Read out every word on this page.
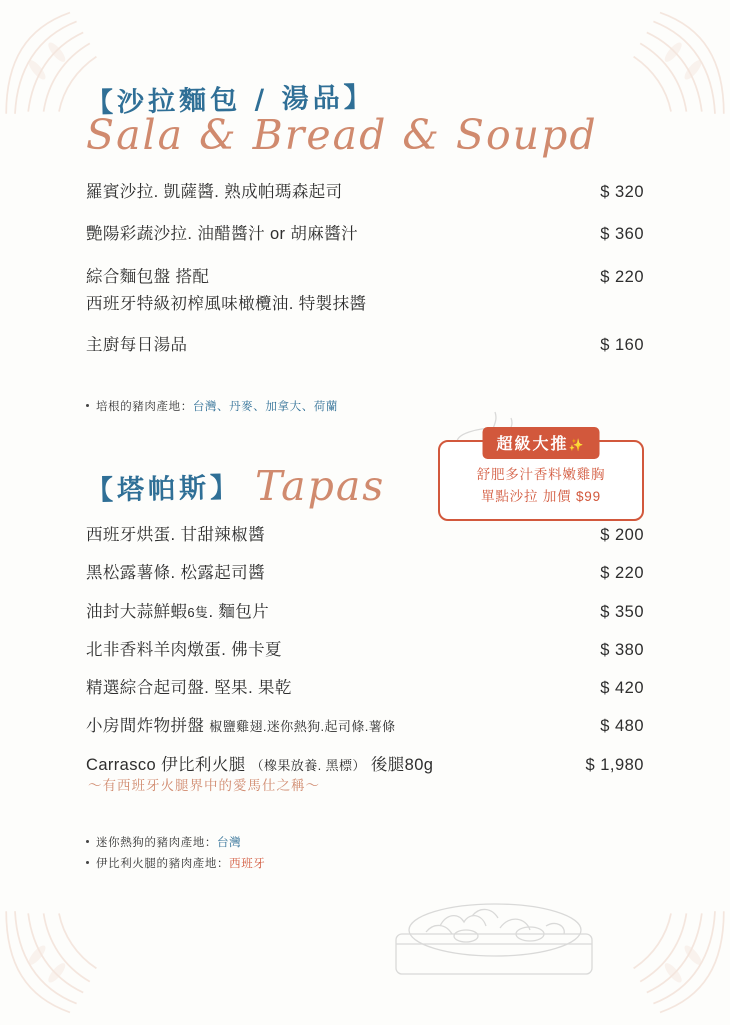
【沙拉麵包 / 湯品】
Sala & Bread & Soupd
羅賓沙拉. 凱薩醬. 熟成帕瑪森起司	$ 320
艷陽彩蔬沙拉. 油醋醬汁 or 胡麻醬汁	$ 360
綜合麵包盤 搭配	$ 220
西班牙特級初榨風味橄欖油. 特製抹醬
主廚每日湯品	$ 160
培根的豬肉產地： 台灣、丹麥、加拿大、荷蘭
【塔帕斯】 Tapas
西班牙烘蛋. 甘甜辣椒醬	$ 200
黑松露薯條. 松露起司醬	$ 220
油封大蒜鮮蝦6隻. 麵包片	$ 350
北非香料羊肉燉蛋. 佛卡夏	$ 380
精選綜合起司盤. 堅果. 果乾	$ 420
小房間炸物拼盤 椒鹽雞翅.迷你熱狗.起司條.薯條	$ 480
Carrasco 伊比利火腿 （橡果放養. 黑標） 後腿80g	$ 1,980
～有西班牙火腿界中的愛馬仕之稱～
迷你熱狗的豬肉產地： 台灣
伊比利火腿的豬肉產地： 西班牙
超級大推✨
舒肥多汁香料嫩雞胸
單點沙拉 加價 $99
